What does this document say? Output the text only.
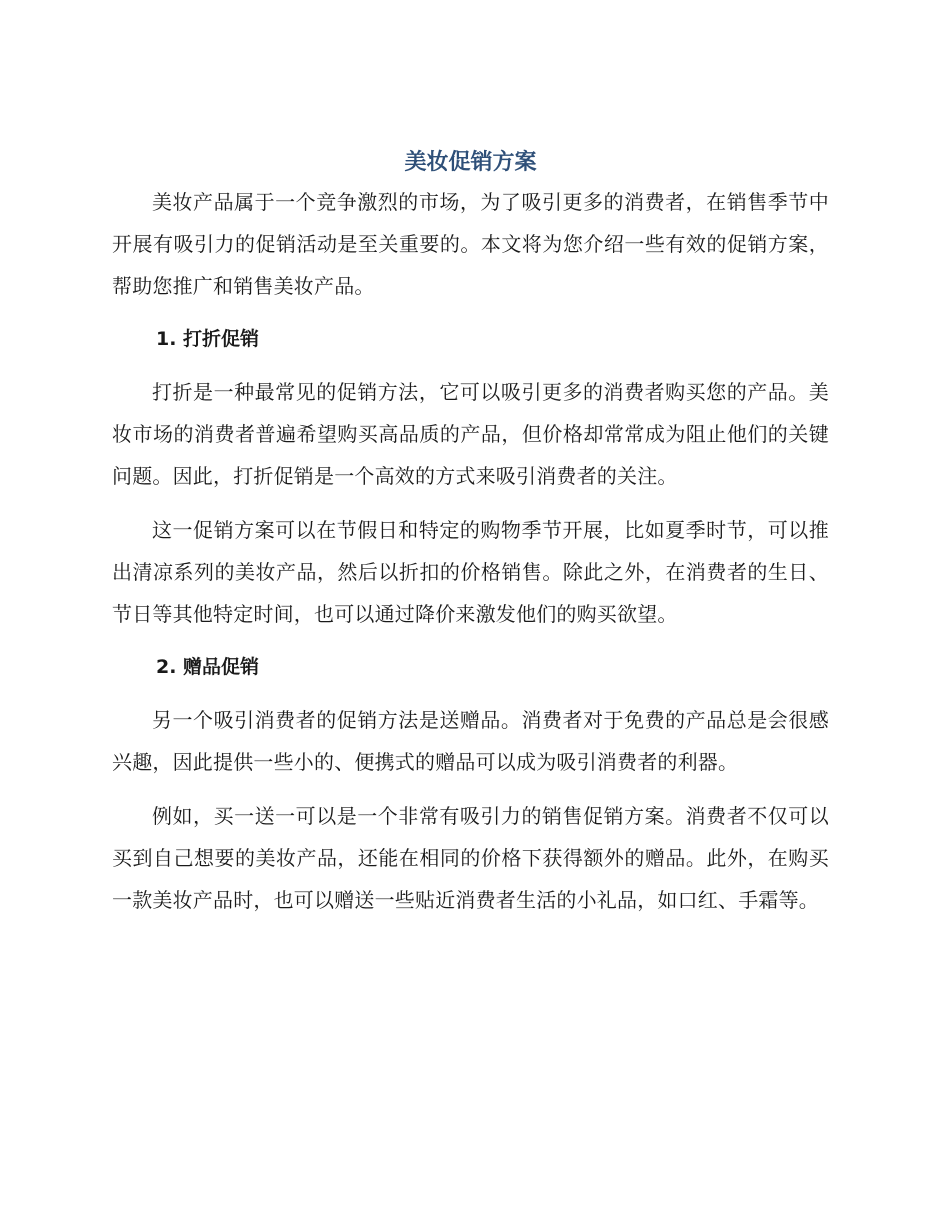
美妆促销方案

美妆产品属于一个竞争激烈的市场，为了吸引更多的消费者，在销售季节中开展有吸引力的促销活动是至关重要的。本文将为您介绍一些有效的促销方案，帮助您推广和销售美妆产品。

1. 打折促销

打折是一种最常见的促销方法，它可以吸引更多的消费者购买您的产品。美妆市场的消费者普遍希望购买高品质的产品，但价格却常常成为阻止他们的关键问题。因此，打折促销是一个高效的方式来吸引消费者的关注。

这一促销方案可以在节假日和特定的购物季节开展，比如夏季时节，可以推出清凉系列的美妆产品，然后以折扣的价格销售。除此之外，在消费者的生日、节日等其他特定时间，也可以通过降价来激发他们的购买欲望。

2. 赠品促销

另一个吸引消费者的促销方法是送赠品。消费者对于免费的产品总是会很感兴趣，因此提供一些小的、便携式的赠品可以成为吸引消费者的利器。

例如，买一送一可以是一个非常有吸引力的销售促销方案。消费者不仅可以买到自己想要的美妆产品，还能在相同的价格下获得额外的赠品。此外，在购买一款美妆产品时，也可以赠送一些贴近消费者生活的小礼品，如口红、手霜等。
